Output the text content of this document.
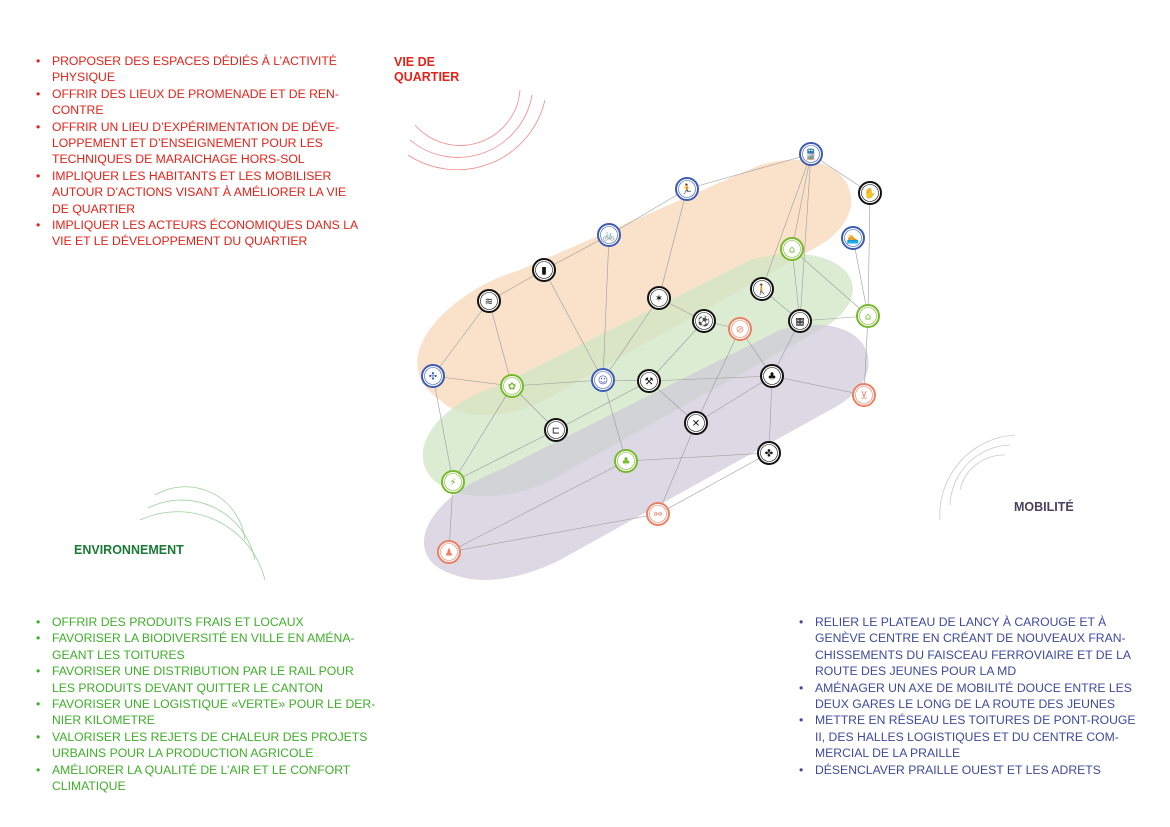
🚆
✋
🏃
🏊
🚲
⌂
▮
🚶
✶
≋
⌂
⚽
⊘
▦
✣
✿
☺	⚒	♣
⊻
⊏
✕
✤
♣
⚡
⚯
♟
VIE DE
QUARTIER
ENVIRONNEMENT
MOBILITÉ
• PROPOSER DES ESPACES DÉDIÉS À L’ACTIVITÉ PHYSIQUE
• OFFRIR DES LIEUX DE PROMENADE ET DE REN-CONTRE
• OFFRIR UN LIEU D’EXPÉRIMENTATION DE DÉVE-LOPPEMENT ET D’ENSEIGNEMENT POUR LES TECHNIQUES DE MARAICHAGE HORS-SOL
• IMPLIQUER LES HABITANTS ET LES MOBILISER AUTOUR D’ACTIONS VISANT À AMÉLIORER LA VIE DE QUARTIER
• IMPLIQUER LES ACTEURS ÉCONOMIQUES DANS LA VIE ET LE DÉVELOPPEMENT DU QUARTIER
• OFFRIR DES PRODUITS FRAIS ET LOCAUX
• FAVORISER LA BIODIVERSITÉ EN VILLE EN AMÉNA-GEANT LES TOITURES
• FAVORISER UNE DISTRIBUTION PAR LE RAIL POUR LES PRODUITS DEVANT QUITTER LE CANTON
• FAVORISER UNE LOGISTIQUE «VERTE» POUR LE DER-NIER KILOMETRE
• VALORISER LES REJETS DE CHALEUR DES PROJETS URBAINS POUR LA PRODUCTION AGRICOLE
• AMÉLIORER LA QUALITÉ DE L’AIR ET LE CONFORT CLIMATIQUE
• RELIER LE PLATEAU DE LANCY À CAROUGE ET À GENÈVE CENTRE EN CRÉANT DE NOUVEAUX FRAN-CHISSEMENTS DU FAISCEAU FERROVIAIRE ET DE LA ROUTE DES JEUNES POUR LA MD
• AMÉNAGER UN AXE DE MOBILITÉ DOUCE ENTRE LES DEUX GARES LE LONG DE LA ROUTE DES JEUNES
• METTRE EN RÉSEAU LES TOITURES DE PONT-ROUGE II, DES HALLES LOGISTIQUES ET DU CENTRE COM-MERCIAL DE LA PRAILLE
• DÉSENCLAVER PRAILLE OUEST ET LES ADRETS
